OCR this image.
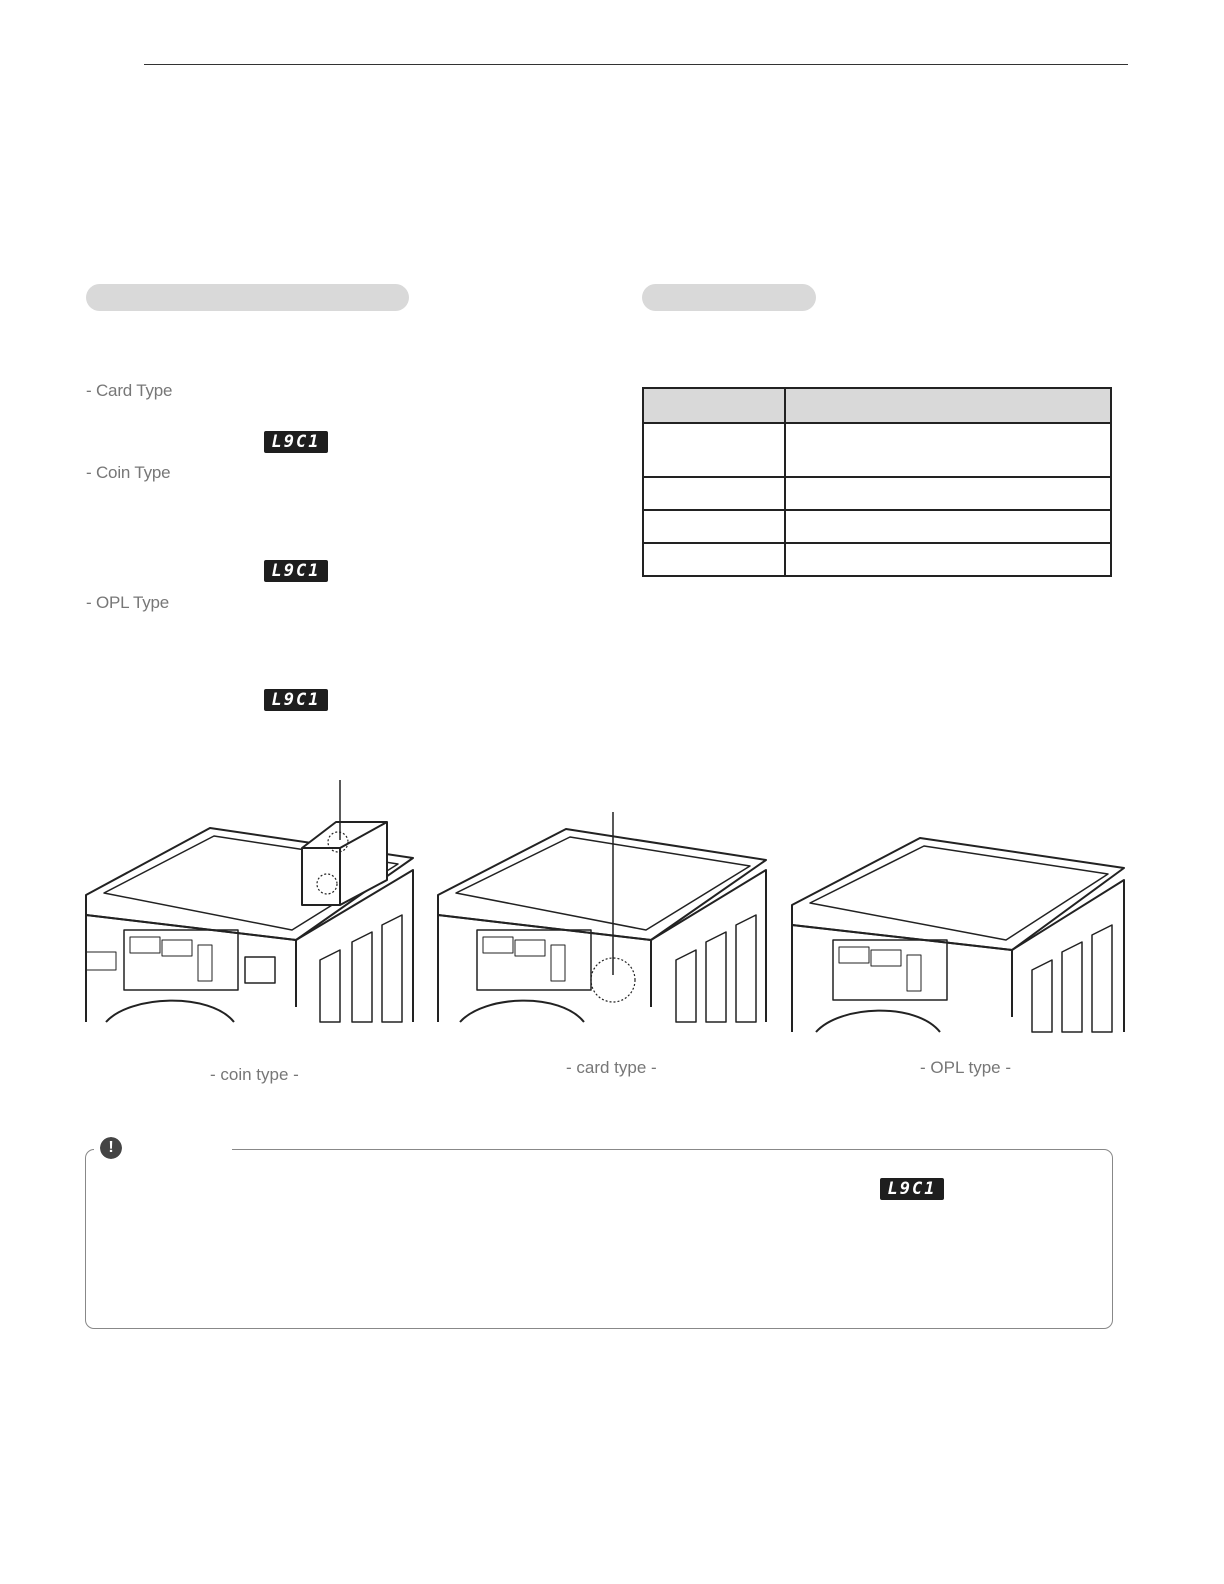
- Card Type
L9C1
- Coin Type
L9C1
- OPL Type
L9C1

- coin type -	- card type -	- OPL type -
!
L9C1
